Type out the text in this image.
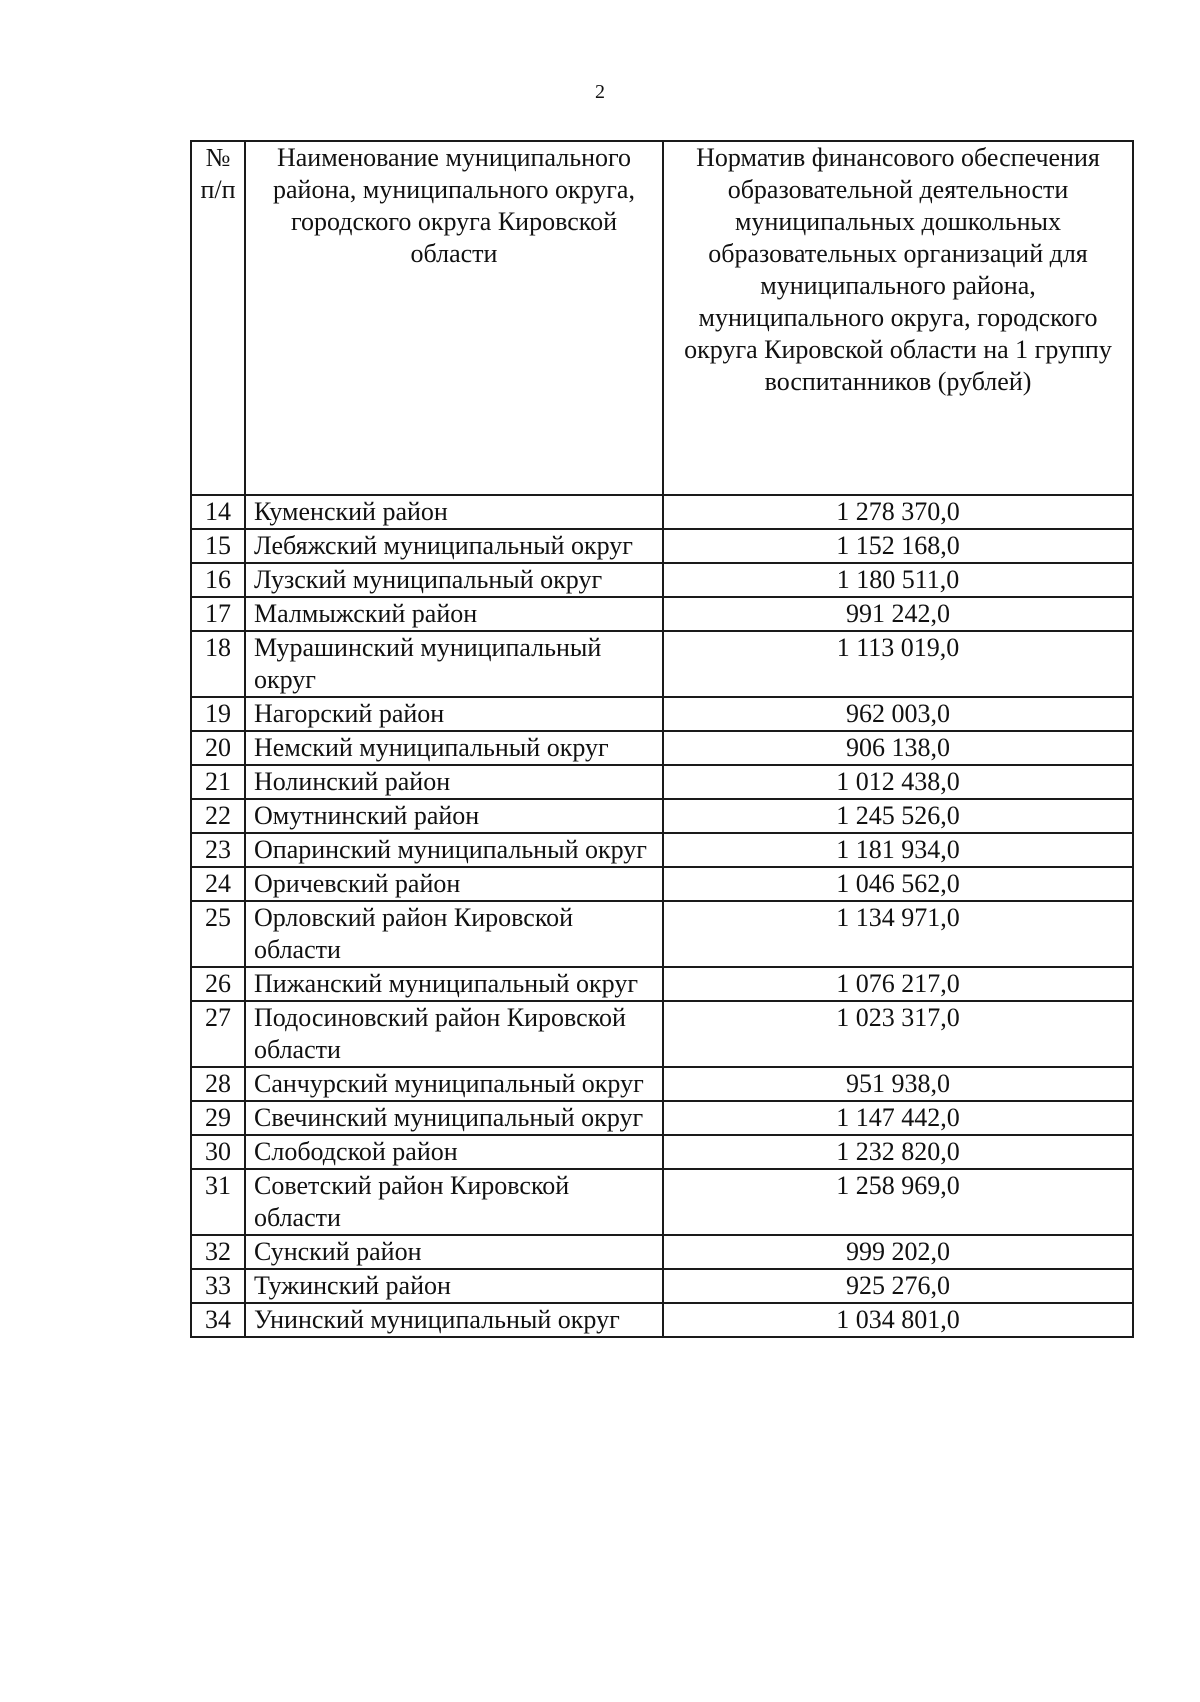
2
№ п/п	Наименование муниципального района, муниципального округа, городского округа Кировской области	Норматив финансового обеспечения образовательной деятельности муниципальных дошкольных образовательных организаций для муниципального района, муниципального округа, городского округа Кировской области на 1 группу воспитанников (рублей)
14	Куменский район	1 278 370,0
15	Лебяжский муниципальный округ	1 152 168,0
16	Лузский муниципальный округ	1 180 511,0
17	Малмыжский район	991 242,0
18	Мурашинский муниципальный округ	1 113 019,0
19	Нагорский район	962 003,0
20	Немский муниципальный округ	906 138,0
21	Нолинский район	1 012 438,0
22	Омутнинский район	1 245 526,0
23	Опаринский муниципальный округ	1 181 934,0
24	Оричевский район	1 046 562,0
25	Орловский район Кировской области	1 134 971,0
26	Пижанский муниципальный округ	1 076 217,0
27	Подосиновский район Кировской области	1 023 317,0
28	Санчурский муниципальный округ	951 938,0
29	Свечинский муниципальный округ	1 147 442,0
30	Слободской район	1 232 820,0
31	Советский район Кировской области	1 258 969,0
32	Сунский район	999 202,0
33	Тужинский район	925 276,0
34	Унинский муниципальный округ	1 034 801,0
